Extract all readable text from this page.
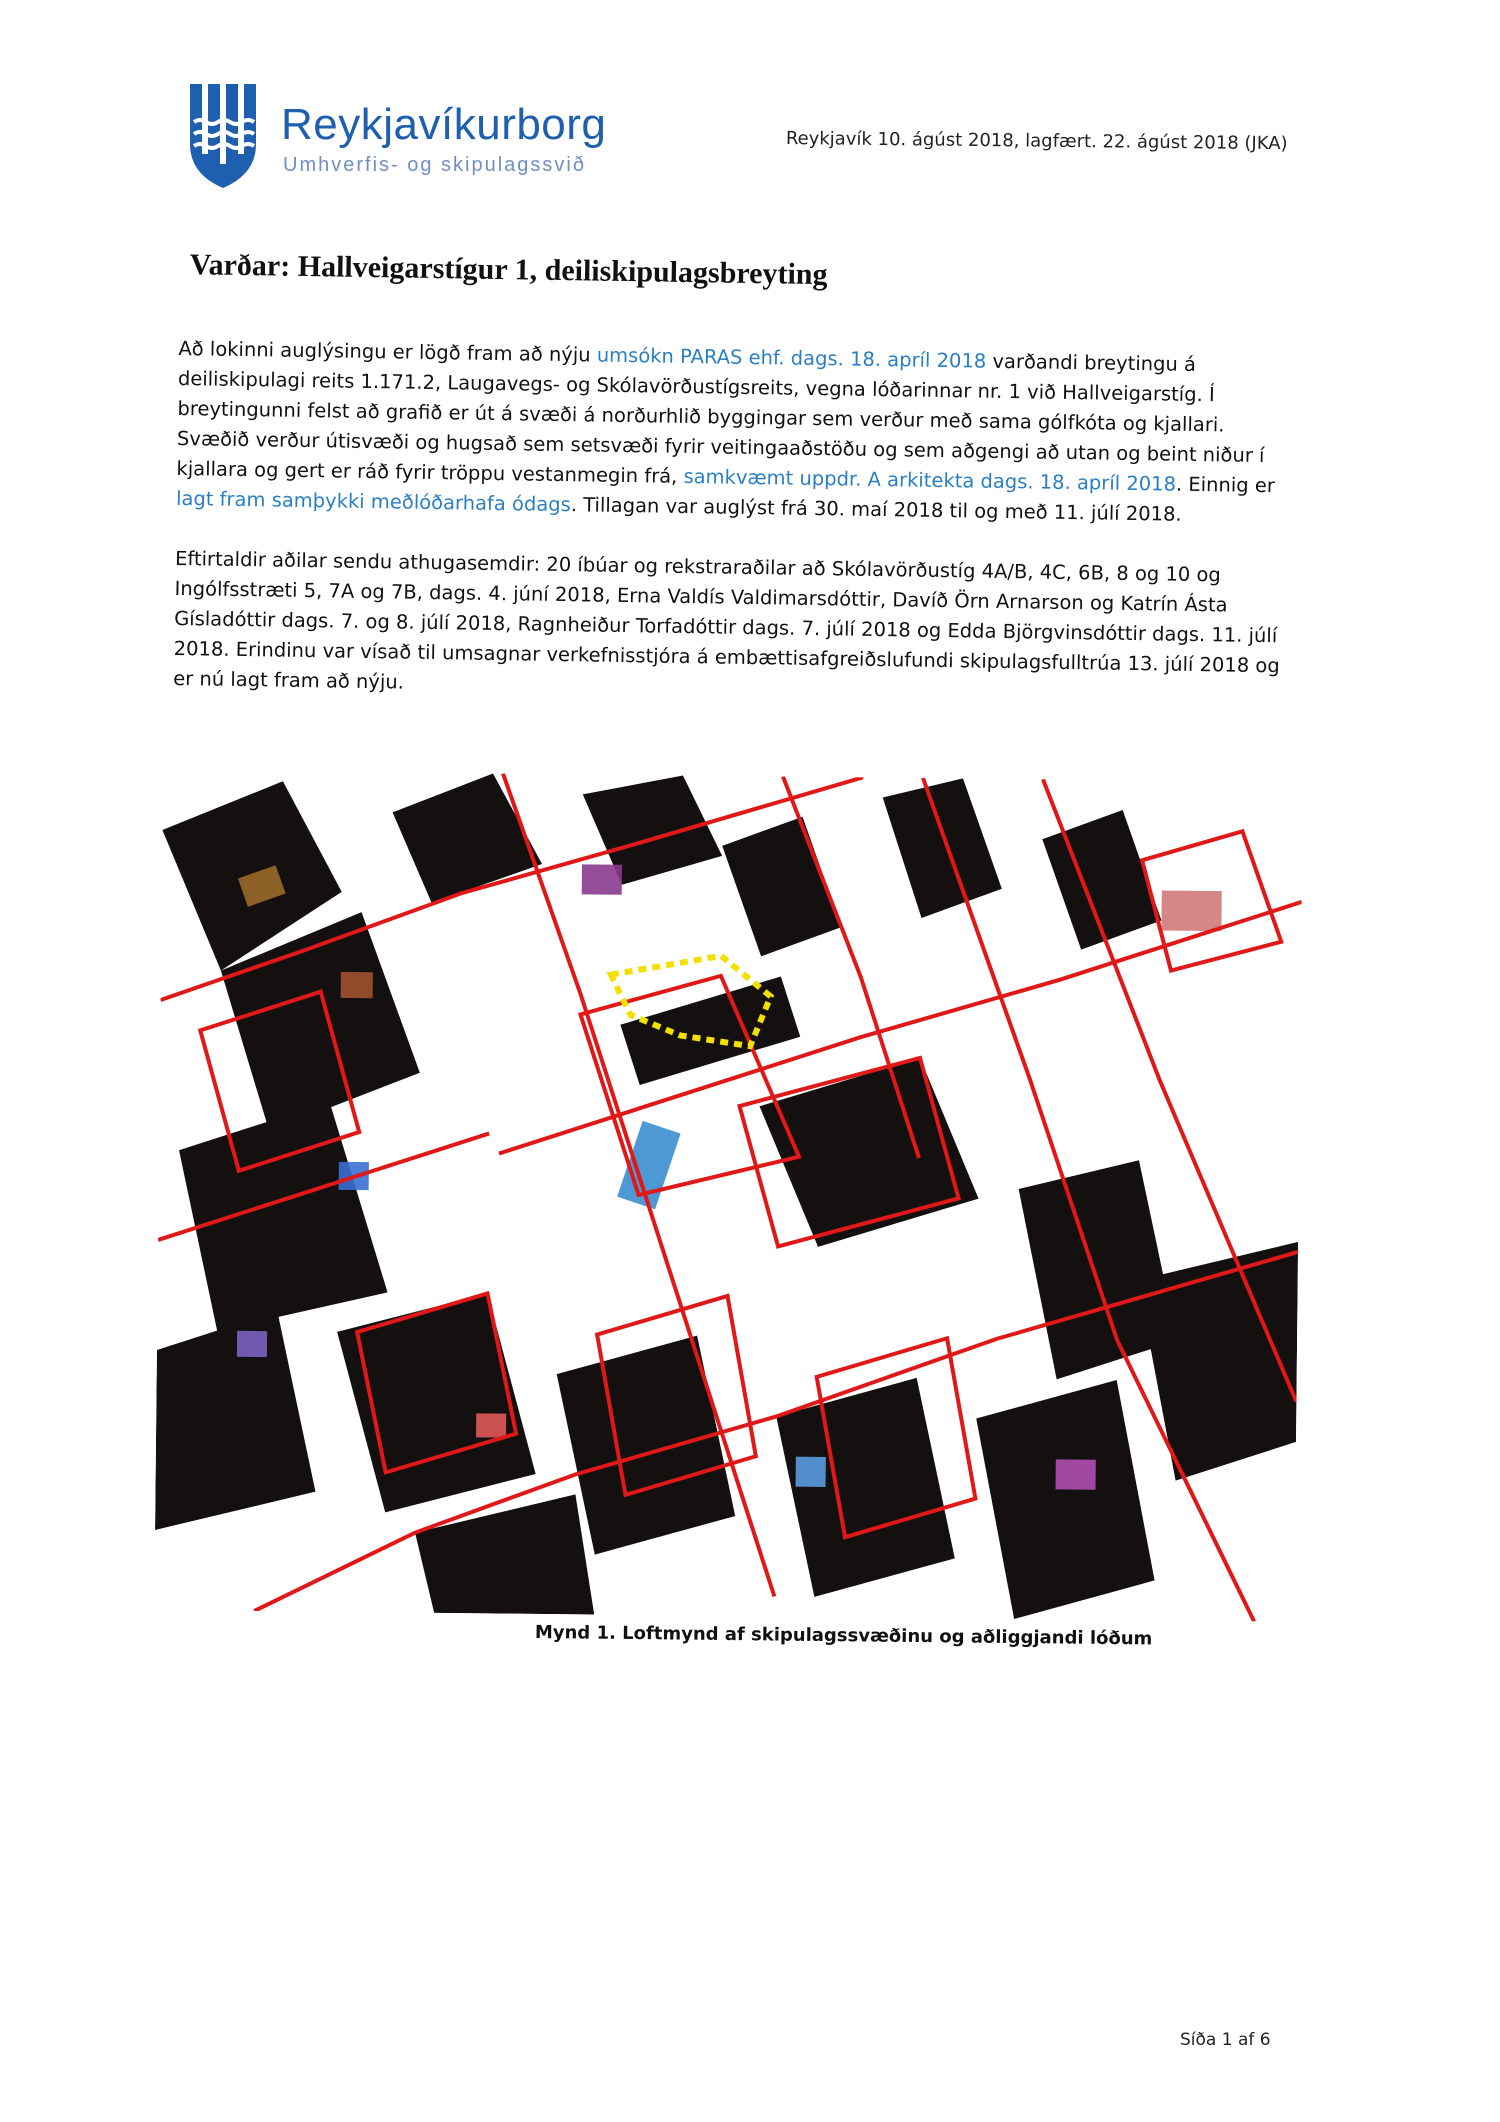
Reykjavíkurborg
Umhverfis- og skipulagssvið
Reykjavík 10. ágúst 2018, lagfært. 22. ágúst 2018 (JKA)
Varðar: Hallveigarstígur 1, deiliskipulagsbreyting

Að lokinni auglýsingu er lögð fram að nýju umsókn PARAS ehf. dags. 18. apríl 2018 varðandi breytingu á deiliskipulagi reits 1.171.2, Laugavegs- og Skólavörðustígsreits, vegna lóðarinnar nr. 1 við Hallveigarstíg. Í breytingunni felst að grafið er út á svæði á norðurhlið byggingar sem verður með sama gólfkóta og kjallari. Svæðið verður útisvæði og hugsað sem setsvæði fyrir veitingaaðstöðu og sem aðgengi að utan og beint niður í kjallara og gert er ráð fyrir tröppu vestanmegin frá, samkvæmt uppdr. A arkitekta dags. 18. apríl 2018. Einnig er lagt fram samþykki meðlóðarhafa ódags. Tillagan var auglýst frá 30. maí 2018 til og með 11. júlí 2018.

Eftirtaldir aðilar sendu athugasemdir: 20 íbúar og rekstraraðilar að Skólavörðustíg 4A/B, 4C, 6B, 8 og 10 og Ingólfsstræti 5, 7A og 7B, dags. 4. júní 2018, Erna Valdís Valdimarsdóttir, Davíð Örn Arnarson og Katrín Ásta Gísladóttir dags. 7. og 8. júlí 2018, Ragnheiður Torfadóttir dags. 7. júlí 2018 og Edda Björgvinsdóttir dags. 11. júlí 2018. Erindinu var vísað til umsagnar verkefnisstjóra á embættisafgreiðslufundi skipulagsfulltrúa 13. júlí 2018 og er nú lagt fram að nýju.

Mynd 1. Loftmynd af skipulagssvæðinu og aðliggjandi lóðum
Síða 1 af 6
